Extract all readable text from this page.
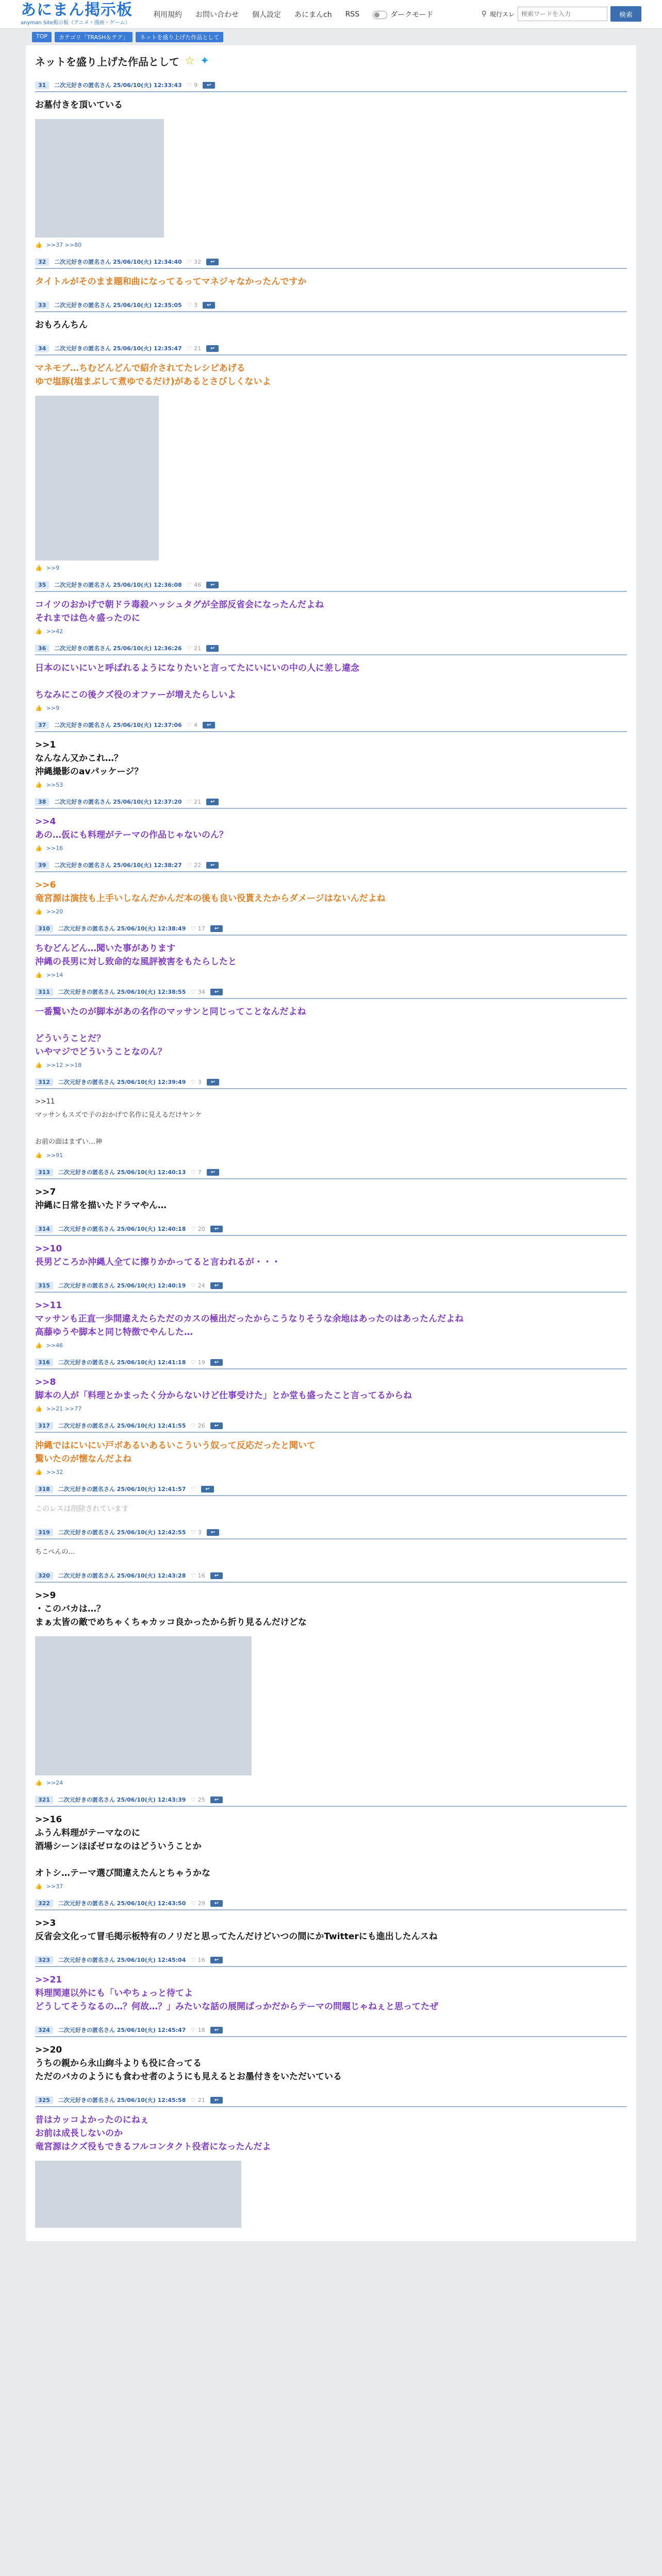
あにまん掲示板
anyman Site掲示板（アニメ・漫画・ゲーム）
利用規約 お問い合わせ 個人設定 あにまんch RSS	ダークモード	⚲ 現行スレ
検索ワードを入力	検索
TOP	カテゴリ「TRASH＆テア」	ネットを盛り上げた作品として
ネットを盛り上げた作品として ☆ ✦
31	二次元好きの匿名さん 25/06/10(火) 12:33:43 ♡ 9	↩
お墓付きを頂いている
👍 >>37 >>80
32	二次元好きの匿名さん 25/06/10(火) 12:34:40 ♡ 32	↩
タイトルがそのまま題和曲になってるってマネジャなかったんですか
33	二次元好きの匿名さん 25/06/10(火) 12:35:05 ♡ 3	↩
おもろんちん
34	二次元好きの匿名さん 25/06/10(火) 12:35:47 ♡ 21	↩
マネモブ…ちむどんどんで紹介されてたレシピあげる
ゆで塩豚(塩まぶして煮ゆでるだけ)があるとさびしくないよ
👍 >>9
35	二次元好きの匿名さん 25/06/10(火) 12:36:08 ♡ 46	↩
コイツのおかげで朝ドラ毒殺ハッシュタグが全部反省会になったんだよね
それまでは色々盛ったのに
👍 >>42
36	二次元好きの匿名さん 25/06/10(火) 12:36:26 ♡ 21	↩
日本のにいにいと呼ばれるようになりたいと言ってたにいにいの中の人に差し違念
ちなみにこの後クズ役のオファーが増えたらしいよ
👍 >>9
37	二次元好きの匿名さん 25/06/10(火) 12:37:06 ♡ 4	↩
>>1
なんなん又かこれ…？
沖縄撮影のavパッケージ？
👍 >>53
38	二次元好きの匿名さん 25/06/10(火) 12:37:20 ♡ 21	↩
>>4
あの…仮にも料理がテーマの作品じゃないのん？
👍 >>16
39	二次元好きの匿名さん 25/06/10(火) 12:38:27 ♡ 22	↩
>>6
竜宮源は演技も上手いしなんだかんだ本の後も良い役貰えたからダメージはないんだよね
👍 >>20
310	二次元好きの匿名さん 25/06/10(火) 12:38:49 ♡ 17	↩
ちむどんどん…聞いた事があります
沖縄の長男に対し致命的な風評被害をもたらしたと
👍 >>14
311	二次元好きの匿名さん 25/06/10(火) 12:38:55 ♡ 34	↩
一番驚いたのが脚本があの名作のマッサンと同じってことなんだよね
どういうことだ？
いやマジでどういうことなのん？
👍 >>12 >>18
312	二次元好きの匿名さん 25/06/10(火) 12:39:49 ♡ 3	↩
>>11
マッサンもスズで子のおかげで名作に見えるだけヤンケ
お前の面はまずい…神
👍 >>91
313	二次元好きの匿名さん 25/06/10(火) 12:40:13 ♡ 7	↩
>>7
沖縄に日常を描いたドラマやん…
314	二次元好きの匿名さん 25/06/10(火) 12:40:18 ♡ 20	↩
>>10
長男どころか沖縄人全てに擦りかかってると言われるが・・・
315	二次元好きの匿名さん 25/06/10(火) 12:40:19 ♡ 24	↩
>>11
マッサンも正直一歩間違えたらただのカスの極出だったからこうなりそうな余地はあったのはあったんだよね
高藤ゆうや脚本と同じ特徴でやんした…
👍 >>46
316	二次元好きの匿名さん 25/06/10(火) 12:41:18 ♡ 19	↩
>>8
脚本の人が「料理とかまったく分からないけど仕事受けた」とか堂も盛ったこと言ってるからね
👍 >>21 >>77
317	二次元好きの匿名さん 25/06/10(火) 12:41:55 ♡ 26	↩
沖縄ではにいにい戸ボあるいあるいこういう奴って反応だったと聞いて
驚いたのが懐なんだよね
👍 >>32
318	二次元好きの匿名さん 25/06/10(火) 12:41:57 ♡	↩
このレスは削除されています
319	二次元好きの匿名さん 25/06/10(火) 12:42:55 ♡ 3	↩
ちこぺんの…
320	二次元好きの匿名さん 25/06/10(火) 12:43:28 ♡ 16	↩
>>9
・このバカは…？
まぁ太皆の敵でめちゃくちゃカッコ良かったから折り見るんだけどな
👍 >>24
321	二次元好きの匿名さん 25/06/10(火) 12:43:39 ♡ 25	↩
>>16
ふうん料理がテーマなのに
酒場シーンほぼゼロなのはどういうことか
オトシ…テーマ選び間違えたんとちゃうかな
👍 >>37
322	二次元好きの匿名さん 25/06/10(火) 12:43:50 ♡ 29	↩
>>3
反省会文化って冒毛掲示板特有のノリだと思ってたんだけどいつの間にかTwitterにも進出したんスね
323	二次元好きの匿名さん 25/06/10(火) 12:45:04 ♡ 16	↩
>>21
料理関連以外にも「いやちょっと待てよ
どうしてそうなるの…？何故…？」みたいな話の展開ばっかだからテーマの問題じゃねぇと思ってたぜ
324	二次元好きの匿名さん 25/06/10(火) 12:45:47 ♡ 18	↩
>>20
うちの親から永山絢斗よりも役に合ってる
ただのバカのようにも食わせ者のようにも見えるとお墨付きをいただいている
325	二次元好きの匿名さん 25/06/10(火) 12:45:58 ♡ 21	↩
昔はカッコよかったのにねぇ
お前は成長しないのか
竜宮源はクズ役もできるフルコンタクト役者になったんだよ
